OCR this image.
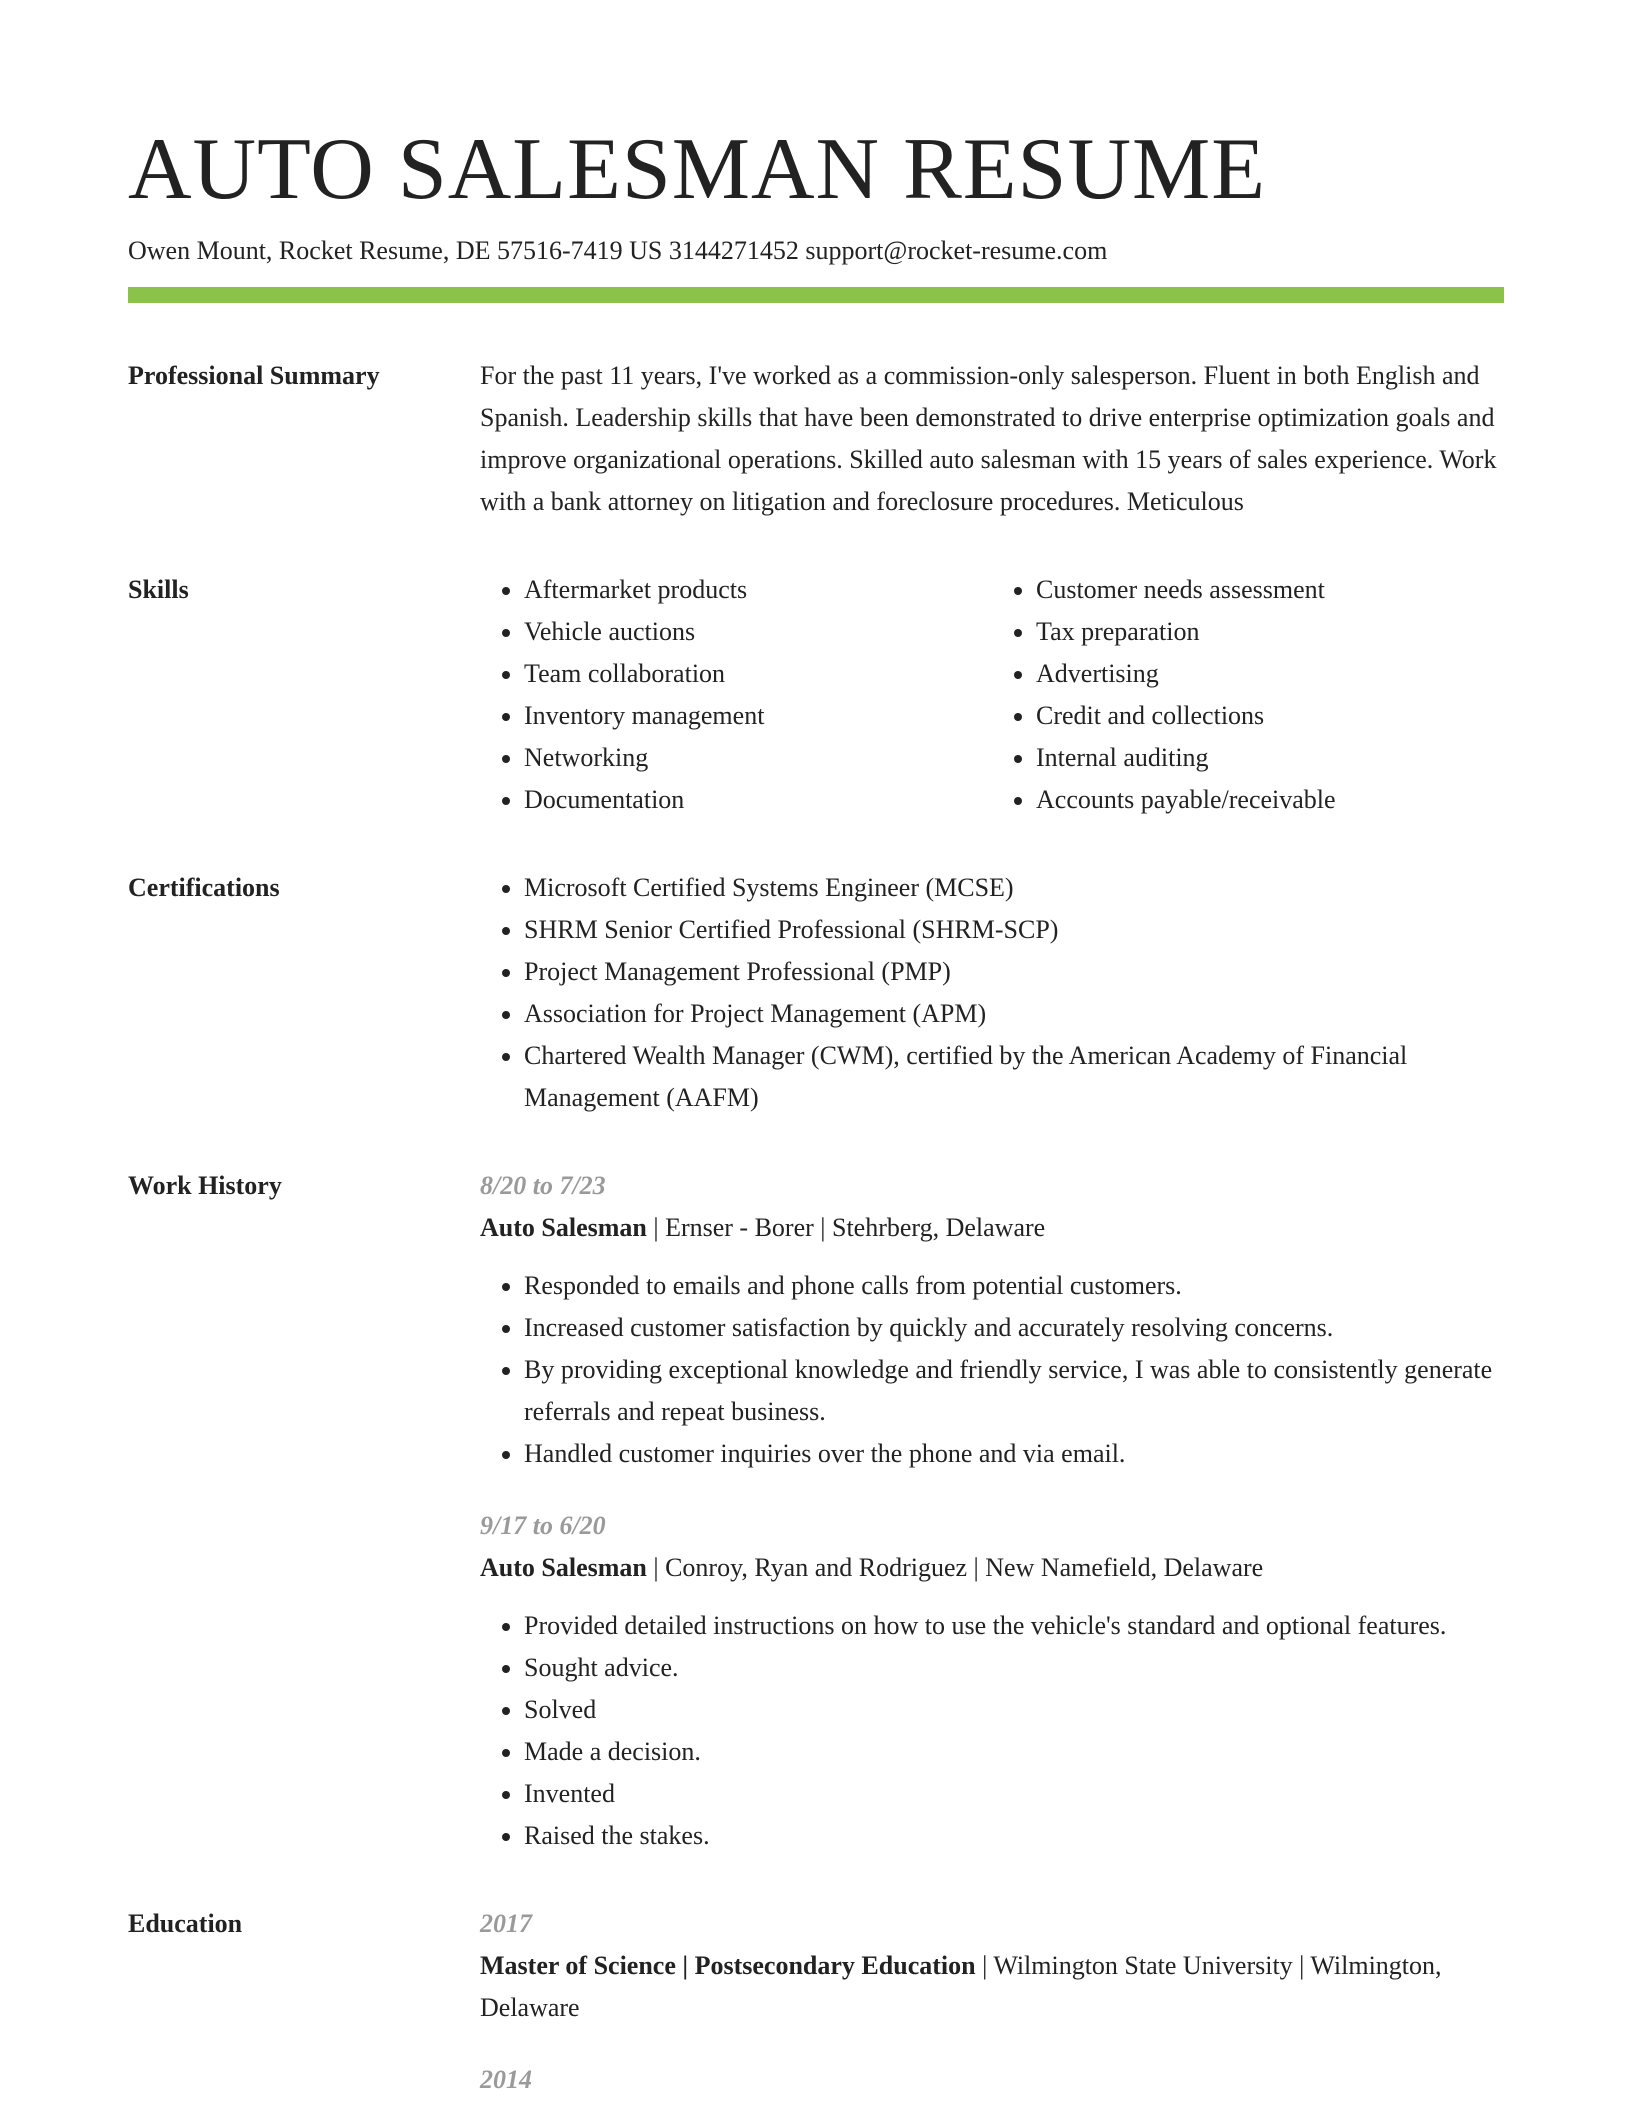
AUTO SALESMAN RESUME
Owen Mount, Rocket Resume, DE 57516-7419 US 3144271452 support@rocket-resume.com
Professional Summary	For the past 11 years, I've worked as a commission-only salesperson. Fluent in both English and Spanish. Leadership skills that have been demonstrated to drive enterprise optimization goals and improve organizational operations. Skilled auto salesman with 15 years of sales experience. Work with a bank attorney on litigation and foreclosure procedures. Meticulous

Skills	• Aftermarket products
• Vehicle auctions
• Team collaboration
• Inventory management
• Networking
• Documentation
• Customer needs assessment
• Tax preparation
• Advertising
• Credit and collections
• Internal auditing
• Accounts payable/receivable
Certifications	• Microsoft Certified Systems Engineer (MCSE)
• SHRM Senior Certified Professional (SHRM-SCP)
• Project Management Professional (PMP)
• Association for Project Management (APM)
• Chartered Wealth Manager (CWM), certified by the American Academy of Financial Management (AAFM)
Work History	8/20 to 7/23
Auto Salesman | Ernser - Borer | Stehrberg, Delaware
• Responded to emails and phone calls from potential customers.
• Increased customer satisfaction by quickly and accurately resolving concerns.
• By providing exceptional knowledge and friendly service, I was able to consistently generate referrals and repeat business.
• Handled customer inquiries over the phone and via email.
9/17 to 6/20
Auto Salesman | Conroy, Ryan and Rodriguez | New Namefield, Delaware
• Provided detailed instructions on how to use the vehicle's standard and optional features.
• Sought advice.
• Solved
• Made a decision.
• Invented
• Raised the stakes.
Education	2017
Master of Science | Postsecondary Education | Wilmington State University | Wilmington, Delaware
2014
